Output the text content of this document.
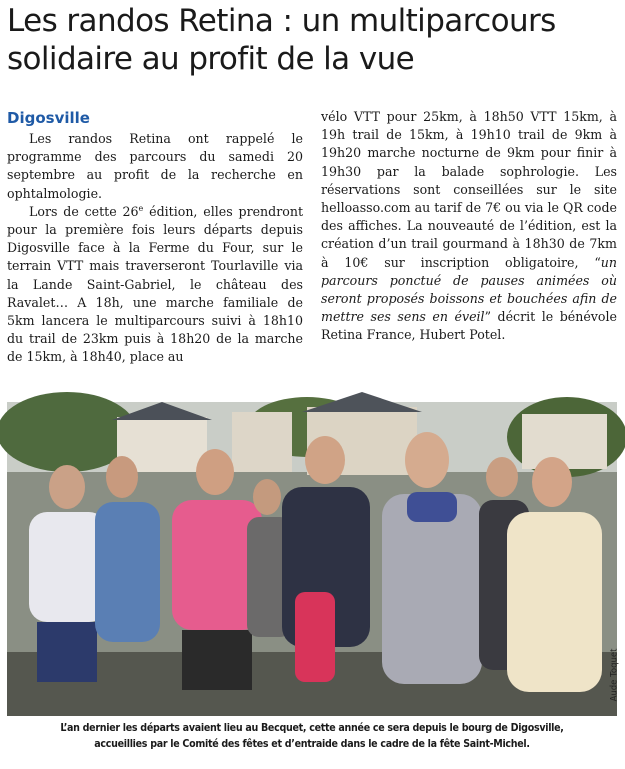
Les randos Retina : un multiparcours
solidaire au profit de la vue
Digosville

Les randos Retina ont rappelé le programme des parcours du samedi 20 septembre au profit de la recherche en ophtalmologie.

Lors de cette 26e édition, elles prendront pour la première fois leurs départs depuis Digosville face à la Ferme du Four, sur le terrain VTT mais traverseront Tourlaville via la Lande Saint-Gabriel, le château des Ravalet… A 18h, une marche familiale de 5km lancera le multiparcours suivi à 18h10 du trail de 23km puis à 18h20 de la marche de 15km, à 18h40, place au

vélo VTT pour 25km, à 18h50 VTT 15km, à 19h trail de 15km, à 19h10 trail de 9km à 19h20 marche nocturne de 9km pour finir à 19h30 par la balade sophrologie. Les réservations sont conseillées sur le site helloasso.com au tarif de 7€ ou via le QR code des affiches. La nouveauté de l’édition, est la création d’un trail gourmand à 18h30 de 7km à 10€ sur inscription obligatoire, “un parcours ponctué de pauses animées où seront proposés boissons et bouchées afin de mettre ses sens en éveil” décrit le bénévole Retina France, Hubert Potel.

Aude Toquet
L’an dernier les départs avaient lieu au Becquet, cette année ce sera depuis le bourg de Digosville,
accueillies par le Comité des fêtes et d’entraide dans le cadre de la fête Saint-Michel.
